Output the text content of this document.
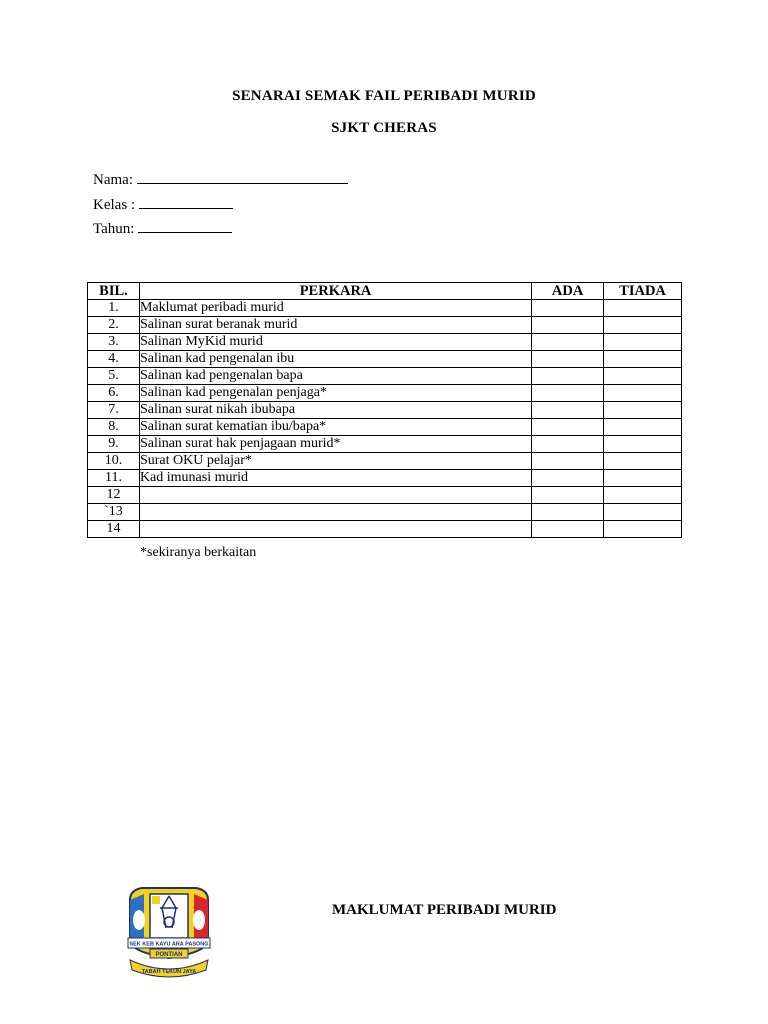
SENARAI SEMAK FAIL PERIBADI MURID
SJKT CHERAS
Nama:
Kelas :
Tahun:
BIL.	PERKARA	ADA	TIADA
1.	Maklumat peribadi murid		
2.	Salinan surat beranak murid		
3.	Salinan MyKid murid		
4.	Salinan kad pengenalan ibu		
5.	Salinan kad pengenalan bapa		
6.	Salinan kad pengenalan penjaga*		
7.	Salinan surat nikah ibubapa		
8.	Salinan surat kematian ibu/bapa*		
9.	Salinan surat hak penjagaan murid*		
10.	Surat OKU pelajar*		
11.	Kad imunasi murid		
12			
`13			
14			
*sekiranya berkaitan
SEK KEB KAYU ARA PASONG
PONTIAN
TABAH TEKUN JAYA
MAKLUMAT PERIBADI MURID
